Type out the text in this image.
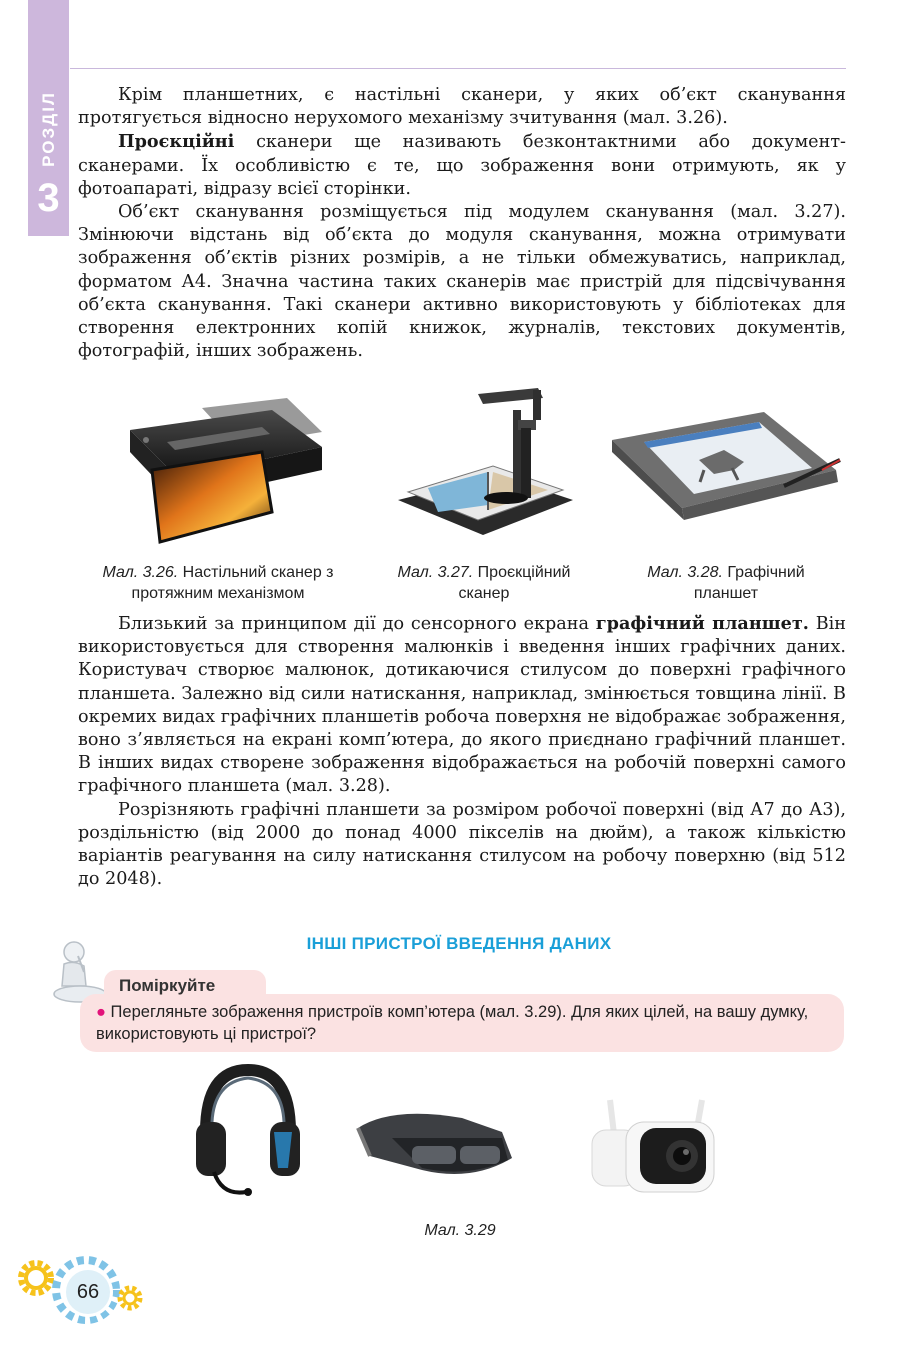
РОЗДІЛ
3

Крім планшетних, є настільні сканери, у яких об’єкт сканування протягується відносно нерухомого механізму зчитування (мал. 3.26).

Проєкційні сканери ще називають безконтактними або документ-сканерами. Їх особливістю є те, що зображення вони отримують, як у фотоапараті, відразу всієї сторінки.

Об’єкт сканування розміщується під модулем сканування (мал. 3.27). Змінюючи відстань від об’єкта до модуля сканування, можна отримувати зображення об’єктів різних розмірів, а не тільки обмежуватись, наприклад, форматом А4. Значна частина таких сканерів має пристрій для підсвічування об’єкта сканування. Такі сканери активно використовують у бібліотеках для створення електронних копій книжок, журналів, текстових документів, фотографій, інших зображень.

Мал. 3.26. Настільний сканер з протяжним механізмом
Мал. 3.27. Проєкційний сканер
Мал. 3.28. Графічний планшет

Близький за принципом дії до сенсорного екрана графічний планшет. Він використовується для створення малюнків і введення інших графічних даних. Користувач створює малюнок, дотикаючися стилусом до поверхні графічного планшета. Залежно від сили натискання, наприклад, змінюється товщина лінії. В окремих видах графічних планшетів робоча поверхня не відображає зображення, воно з’являється на екрані комп’ютера, до якого приєднано графічний планшет. В інших видах створене зображення відображається на робочій поверхні самого графічного планшета (мал. 3.28).

Розрізняють графічні планшети за розміром робочої поверхні (від А7 до А3), роздільністю (від 2000 до понад 4000 пікселів на дюйм), а також кількістю варіантів реагування на силу натискання стилусом на робочу поверхню (від 512 до 2048).

ІНШІ ПРИСТРОЇ ВВЕДЕННЯ ДАНИХ
Поміркуйте
● Перегляньте зображення пристроїв комп’ютера (мал. 3.29). Для яких цілей, на вашу думку, використовують ці пристрої?
Мал. 3.29
66
